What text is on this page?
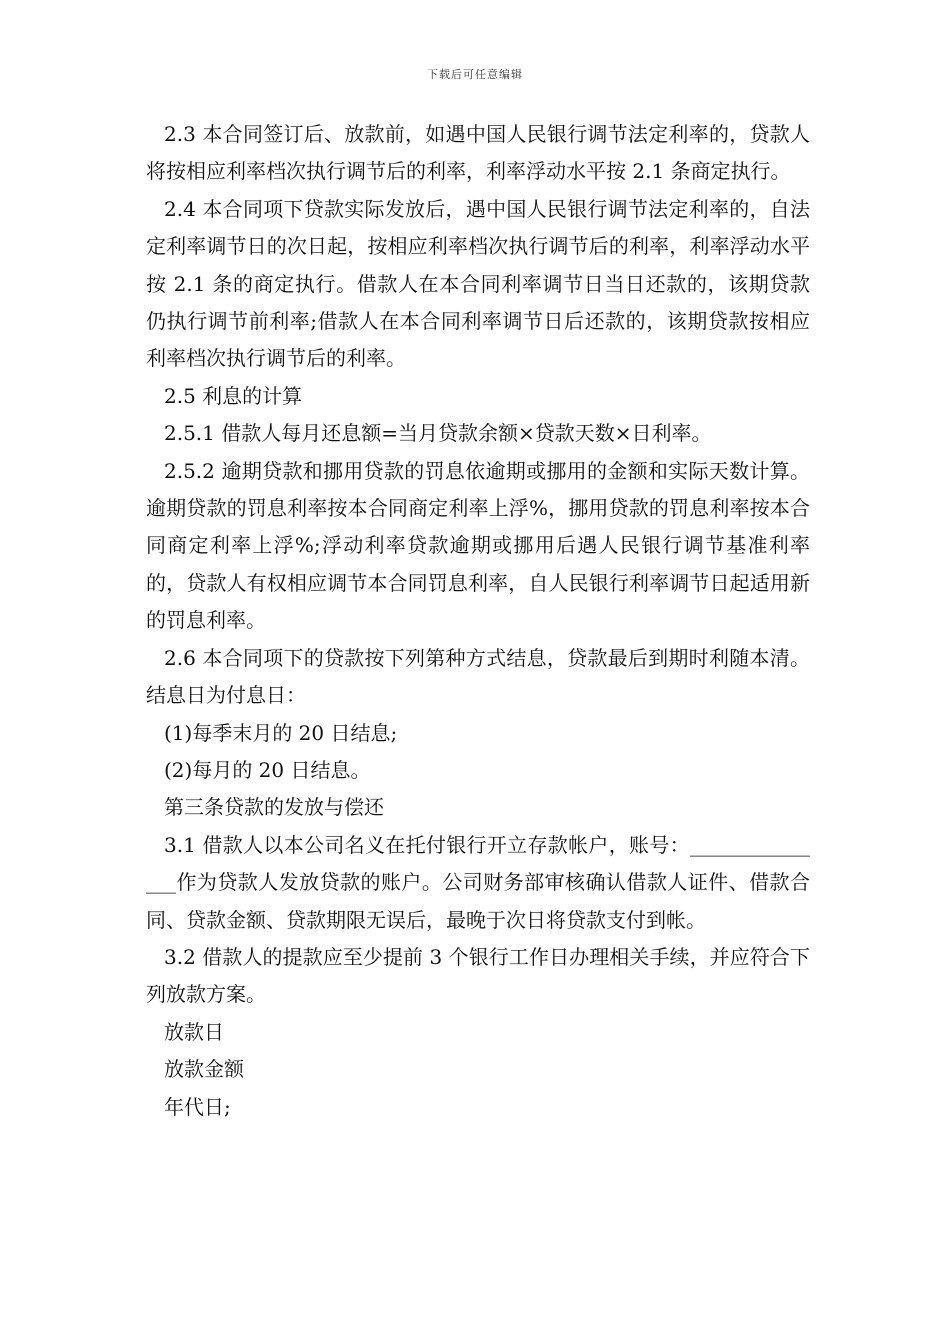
下载后可任意编辑

2.3 本合同签订后、放款前，如遇中国人民银行调节法定利率的，贷款人将按相应利率档次执行调节后的利率，利率浮动水平按 2.1 条商定执行。

2.4 本合同项下贷款实际发放后，遇中国人民银行调节法定利率的，自法定利率调节日的次日起，按相应利率档次执行调节后的利率，利率浮动水平按 2.1 条的商定执行。借款人在本合同利率调节日当日还款的，该期贷款仍执行调节前利率;借款人在本合同利率调节日后还款的，该期贷款按相应利率档次执行调节后的利率。

2.5 利息的计算

2.5.1 借款人每月还息额=当月贷款余额×贷款天数×日利率。

2.5.2 逾期贷款和挪用贷款的罚息依逾期或挪用的金额和实际天数计算。逾期贷款的罚息利率按本合同商定利率上浮%，挪用贷款的罚息利率按本合同商定利率上浮%;浮动利率贷款逾期或挪用后遇人民银行调节基准利率的，贷款人有权相应调节本合同罚息利率，自人民银行利率调节日起适用新的罚息利率。

2.6 本合同项下的贷款按下列第种方式结息，贷款最后到期时利随本清。结息日为付息日：

(1)每季末月的 20 日结息;

(2)每月的 20 日结息。

第三条贷款的发放与偿还

3.1 借款人以本公司名义在托付银行开立存款帐户，账号：_______________作为贷款人发放贷款的账户。公司财务部审核确认借款人证件、借款合同、贷款金额、贷款期限无误后，最晚于次日将贷款支付到帐。

3.2 借款人的提款应至少提前 3 个银行工作日办理相关手续，并应符合下列放款方案。

放款日

放款金额

年代日;
